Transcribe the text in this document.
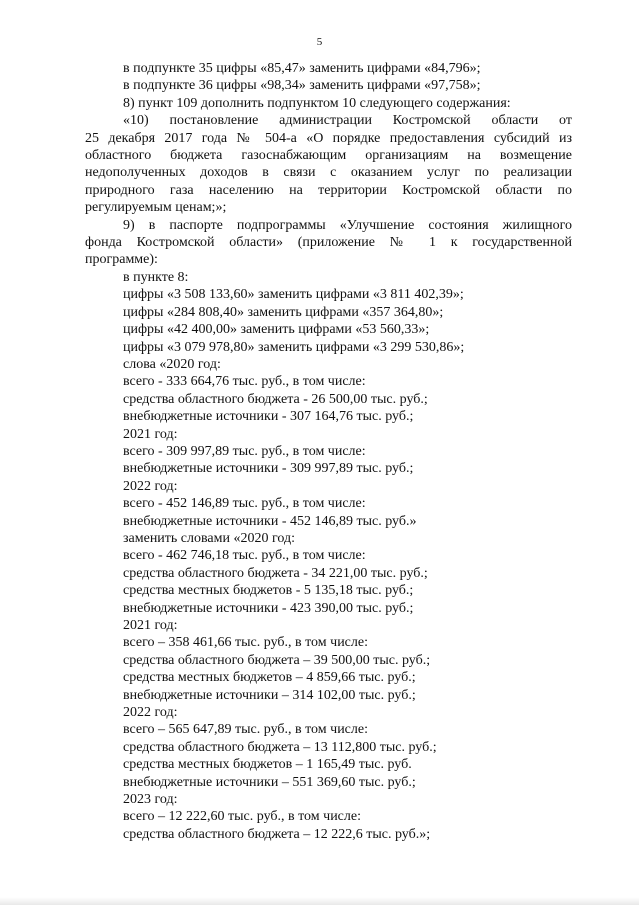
5
в подпункте 35 цифры «85,47» заменить цифрами «84,796»;
в подпункте 36 цифры «98,34» заменить цифрами «97,758»;
8) пункт 109 дополнить подпунктом 10 следующего содержания:
«10) постановление администрации Костромской области от
25 декабря 2017 года № 504-а «О порядке предоставления субсидий из
областного бюджета газоснабжающим организациям на возмещение
недополученных доходов в связи с оказанием услуг по реализации
природного газа населению на территории Костромской области по
регулируемым ценам;»;
9) в паспорте подпрограммы «Улучшение состояния жилищного
фонда Костромской области» (приложение № 1 к государственной
программе):
в пункте 8:
цифры «3 508 133,60» заменить цифрами «3 811 402,39»;
цифры «284 808,40» заменить цифрами «357 364,80»;
цифры «42 400,00» заменить цифрами «53 560,33»;
цифры «3 079 978,80» заменить цифрами «3 299 530,86»;
слова «2020 год:
всего - 333 664,76 тыс. руб., в том числе:
средства областного бюджета - 26 500,00 тыс. руб.;
внебюджетные источники - 307 164,76 тыс. руб.;
2021 год:
всего - 309 997,89 тыс. руб., в том числе:
внебюджетные источники - 309 997,89 тыс. руб.;
2022 год:
всего - 452 146,89 тыс. руб., в том числе:
внебюджетные источники - 452 146,89 тыс. руб.»
заменить словами «2020 год:
всего - 462 746,18 тыс. руб., в том числе:
средства областного бюджета - 34 221,00 тыс. руб.;
средства местных бюджетов - 5 135,18 тыс. руб.;
внебюджетные источники - 423 390,00 тыс. руб.;
2021 год:
всего – 358 461,66 тыс. руб., в том числе:
средства областного бюджета – 39 500,00 тыс. руб.;
средства местных бюджетов – 4 859,66 тыс. руб.;
внебюджетные источники – 314 102,00 тыс. руб.;
2022 год:
всего – 565 647,89 тыс. руб., в том числе:
средства областного бюджета – 13 112,800 тыс. руб.;
средства местных бюджетов – 1 165,49 тыс. руб.
внебюджетные источники – 551 369,60 тыс. руб.;
2023 год:
всего – 12 222,60 тыс. руб., в том числе:
средства областного бюджета – 12 222,6 тыс. руб.»;
